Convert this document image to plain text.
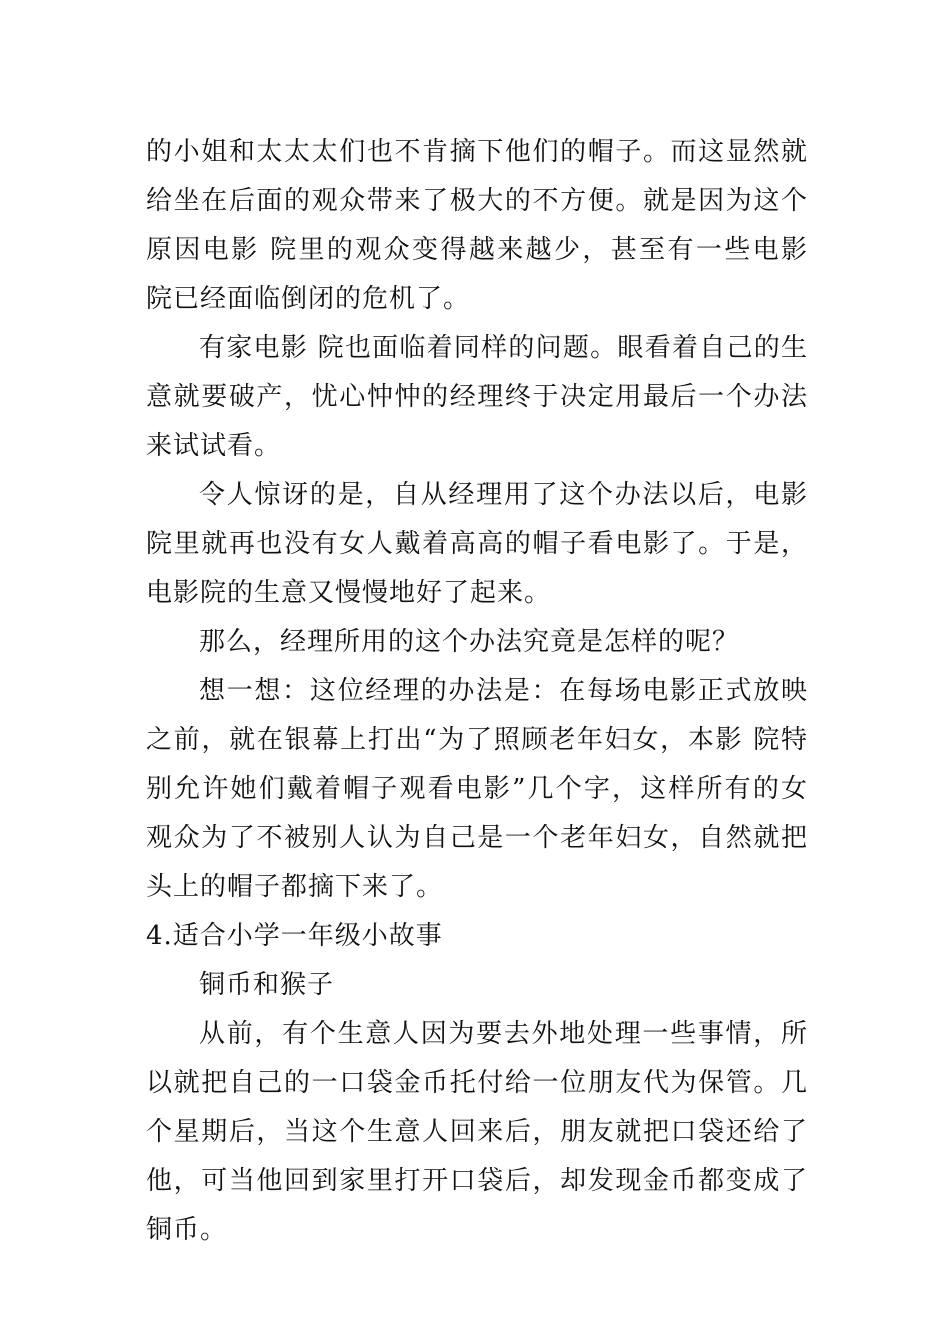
的小姐和太太太们也不肯摘下他们的帽子。而这显然就给坐在后面的观众带来了极大的不方便。就是因为这个原因电影 院里的观众变得越来越少，甚至有一些电影 院已经面临倒闭的危机了。

有家电影 院也面临着同样的问题。眼看着自己的生意就要破产，忧心忡忡的经理终于决定用最后一个办法来试试看。

令人惊讶的是，自从经理用了这个办法以后，电影 院里就再也没有女人戴着高高的帽子看电影了。于是，电影院的生意又慢慢地好了起来。

那么，经理所用的这个办法究竟是怎样的呢？

想一想：这位经理的办法是：在每场电影正式放映之前，就在银幕上打出“为了照顾老年妇女，本影 院特别允许她们戴着帽子观看电影”几个字，这样所有的女观众为了不被别人认为自己是一个老年妇女，自然就把头上的帽子都摘下来了。

4.适合小学一年级小故事

铜币和猴子

从前，有个生意人因为要去外地处理一些事情，所以就把自己的一口袋金币托付给一位朋友代为保管。几个星期后，当这个生意人回来后，朋友就把口袋还给了他，可当他回到家里打开口袋后，却发现金币都变成了铜币。
